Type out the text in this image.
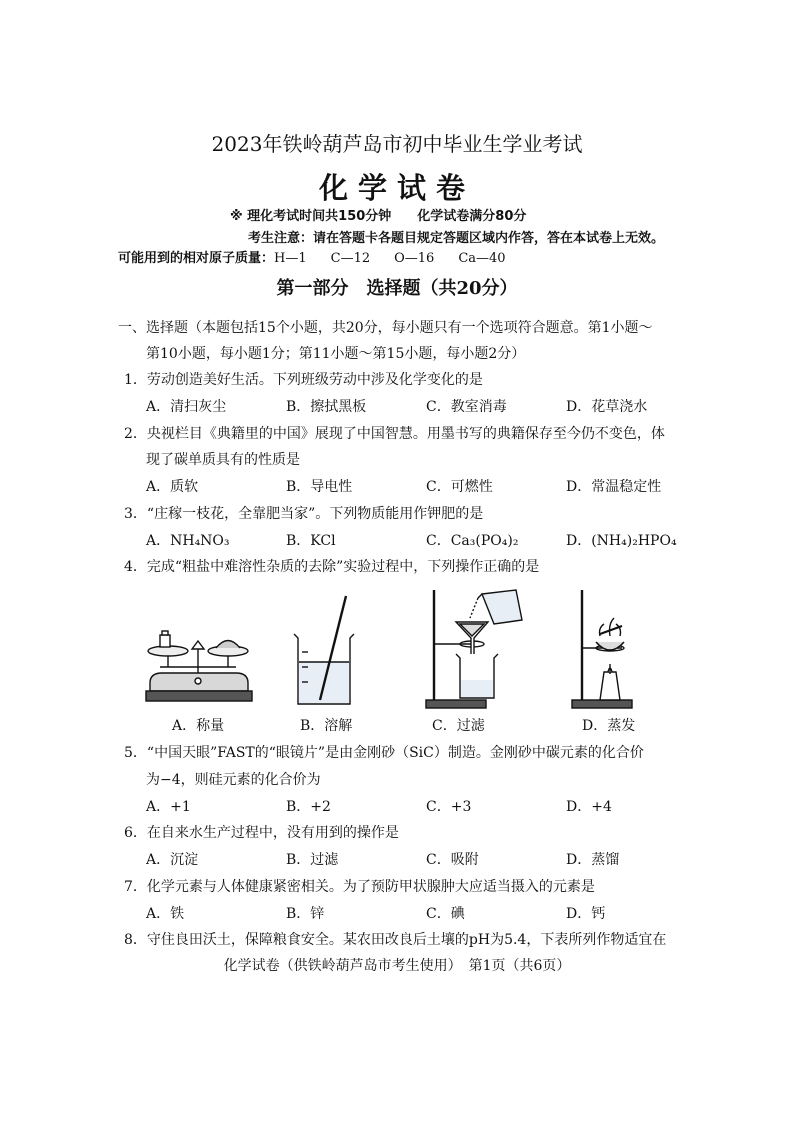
2023年铁岭葫芦岛市初中毕业生学业考试
化学试卷
※ 理化考试时间共150分钟　　化学试卷满分80分
考生注意：请在答题卡各题目规定答题区域内作答，答在本试卷上无效。
可能用到的相对原子质量：H—1 C—12 O—16 Ca—40
第一部分　选择题（共20分）
一、选择题（本题包括15个小题，共20分，每小题只有一个选项符合题意。第1小题～
第10小题，每小题1分；第11小题～第15小题，每小题2分）
1．劳动创造美好生活。下列班级劳动中涉及化学变化的是
A．清扫灰尘	B．擦拭黑板	C．教室消毒	D．花草浇水
2．央视栏目《典籍里的中国》展现了中国智慧。用墨书写的典籍保存至今仍不变色，体
现了碳单质具有的性质是
A．质软	B．导电性	C．可燃性	D．常温稳定性
3．“庄稼一枝花，全靠肥当家”。下列物质能用作钾肥的是
A．NH₄NO₃	B．KCl	C．Ca₃(PO₄)₂	D．(NH₄)₂HPO₄
4．完成“粗盐中难溶性杂质的去除”实验过程中，下列操作正确的是
A．称量	B．溶解	C．过滤	D．蒸发
5．“中国天眼”FAST的“眼镜片”是由金刚砂（SiC）制造。金刚砂中碳元素的化合价
为−4，则硅元素的化合价为
A．+1	B．+2	C．+3	D．+4
6．在自来水生产过程中，没有用到的操作是
A．沉淀	B．过滤	C．吸附	D．蒸馏
7．化学元素与人体健康紧密相关。为了预防甲状腺肿大应适当摄入的元素是
A．铁	B．锌	C．碘	D．钙
8．守住良田沃土，保障粮食安全。某农田改良后土壤的pH为5.4，下表所列作物适宜在
化学试卷（供铁岭葫芦岛市考生使用）　第1页（共6页）
